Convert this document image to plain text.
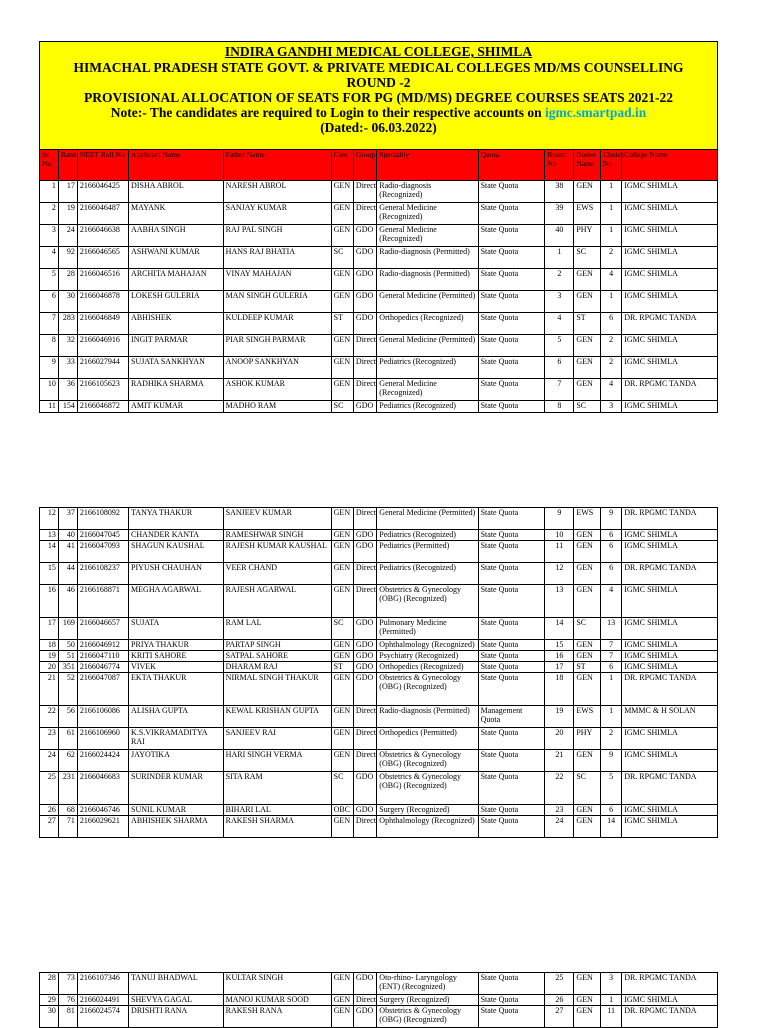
INDIRA GANDHI MEDICAL COLLEGE, SHIMLA
HIMACHAL PRADESH STATE GOVT. & PRIVATE MEDICAL COLLEGES MD/MS COUNSELLING ROUND -2
PROVISIONAL ALLOCATION OF SEATS FOR PG (MD/MS) DEGREE COURSES SEATS 2021-22
Note:- The candidates are required to Login to their respective accounts on igmc.smartpad.in
(Dated:- 06.03.2022)
Sr. No	Rank	NEET Roll No	Applicant Name	Father Name	Cate	Group	Speciality	Quota	Roster No	Roster Name	Choice No	College Name
1	17	2166046425	DISHA ABROL	NARESH ABROL	GEN	Direct	Radio-diagnosis (Recognized)	State Quota	38	GEN	1	IGMC SHIMLA
2	19	2166046487	MAYANK	SANJAY KUMAR	GEN	Direct	General Medicine (Recognized)	State Quota	39	EWS	1	IGMC SHIMLA
3	24	2166046638	AABHA SINGH	RAJ PAL SINGH	GEN	GDO	General Medicine (Recognized)	State Quota	40	PHY	1	IGMC SHIMLA
4	92	2166046565	ASHWANI KUMAR	HANS RAJ BHATIA	SC	GDO	Radio-diagnosis (Permitted)	State Quota	1	SC	2	IGMC SHIMLA
5	28	2166046516	ARCHITA MAHAJAN	VINAY MAHAJAN	GEN	GDO	Radio-diagnosis (Permitted)	State Quota	2	GEN	4	IGMC SHIMLA
6	30	2166046878	LOKESH GULERIA	MAN SINGH GULERIA	GEN	GDO	General Medicine (Permitted)	State Quota	3	GEN	1	IGMC SHIMLA
7	283	2166046849	ABHISHEK	KULDEEP KUMAR	ST	GDO	Orthopedics (Recognized)	State Quota	4	ST	6	DR. RPGMC TANDA
8	32	2166046916	INGIT PARMAR	PIAR SINGH PARMAR	GEN	Direct	General Medicine (Permitted)	State Quota	5	GEN	2	IGMC SHIMLA
9	33	2166027944	SUJATA SANKHYAN	ANOOP SANKHYAN	GEN	Direct	Pediatrics (Recognized)	State Quota	6	GEN	2	IGMC SHIMLA
10	36	2166105623	RADHIKA SHARMA	ASHOK KUMAR	GEN	Direct	General Medicine (Recognized)	State Quota	7	GEN	4	DR. RPGMC TANDA
11	154	2166046872	AMIT KUMAR	MADHO RAM	SC	GDO	Pediatrics (Recognized)	State Quota	8	SC	3	IGMC SHIMLA
12	37	2166108092	TANYA THAKUR	SANJEEV KUMAR	GEN	Direct	General Medicine (Permitted)	State Quota	9	EWS	9	DR. RPGMC TANDA
13	40	2166047045	CHANDER KANTA	RAMESHWAR SINGH	GEN	GDO	Pediatrics (Recognized)	State Quota	10	GEN	6	IGMC SHIMLA
14	41	2166047093	SHAGUN KAUSHAL	RAJESH KUMAR KAUSHAL	GEN	GDO	Pediatrics (Permitted)	State Quota	11	GEN	6	IGMC SHIMLA
15	44	2166108237	PIYUSH CHAUHAN	VEER CHAND	GEN	Direct	Pediatrics (Recognized)	State Quota	12	GEN	6	DR. RPGMC TANDA
16	46	2166168871	MEGHA AGARWAL	RAJESH AGARWAL	GEN	Direct	Obstetrics & Gynecology (OBG) (Recognized)	State Quota	13	GEN	4	IGMC SHIMLA
17	169	2166046657	SUJATA	RAM LAL	SC	GDO	Pulmonary Medicine (Permitted)	State Quota	14	SC	13	IGMC SHIMLA
18	50	2166046912	PRIYA THAKUR	PARTAP SINGH	GEN	GDO	Ophthalmology (Recognized)	State Quota	15	GEN	7	IGMC SHIMLA
19	51	2166047110	KRITI SAHORE	SATPAL SAHORE	GEN	GDO	Psychiatry (Recognized)	State Quota	16	GEN	7	IGMC SHIMLA
20	351	2166046774	VIVEK	DHARAM RAJ	ST	GDO	Orthopedics (Recognized)	State Quota	17	ST	6	IGMC SHIMLA
21	52	2166047087	EKTA THAKUR	NIRMAL SINGH THAKUR	GEN	GDO	Obstetrics & Gynecology (OBG) (Recognized)	State Quota	18	GEN	1	DR. RPGMC TANDA
22	56	2166106086	ALISHA GUPTA	KEWAL KRISHAN GUPTA	GEN	Direct	Radio-diagnosis (Permitted)	Management Quota	19	EWS	1	MMMC & H SOLAN
23	61	2166106960	K.S.VIKRAMADITYA RAI	SANJEEV RAI	GEN	Direct	Orthopedics (Permitted)	State Quota	20	PHY	2	IGMC SHIMLA
24	62	2166024424	JAYOTIKA	HARI SINGH VERMA	GEN	Direct	Obstetrics & Gynecology (OBG) (Recognized)	State Quota	21	GEN	9	IGMC SHIMLA
25	231	2166046683	SURINDER KUMAR	SITA RAM	SC	GDO	Obstetrics & Gynecology (OBG) (Recognized)	State Quota	22	SC	5	DR. RPGMC TANDA
26	68	2166046746	SUNIL KUMAR	BIHARI LAL	OBC	GDO	Surgery (Recognized)	State Quota	23	GEN	6	IGMC SHIMLA
27	71	2166029621	ABHISHEK SHARMA	RAKESH SHARMA	GEN	Direct	Ophthalmology (Recognized)	State Quota	24	GEN	14	IGMC SHIMLA
28	73	2166107346	TANUJ BHADWAL	KULTAR SINGH	GEN	GDO	Oto-rhino- Laryngology (ENT) (Recognized)	State Quota	25	GEN	3	DR. RPGMC TANDA
29	76	2166024491	SHEVYA GAGAL	MANOJ KUMAR SOOD	GEN	Direct	Surgery (Recognized)	State Quota	26	GEN	1	IGMC SHIMLA
30	81	2166024574	DRISHTI RANA	RAKESH RANA	GEN	GDO	Obstetrics & Gynecology (OBG) (Recognized)	State Quota	27	GEN	11	DR. RPGMC TANDA
